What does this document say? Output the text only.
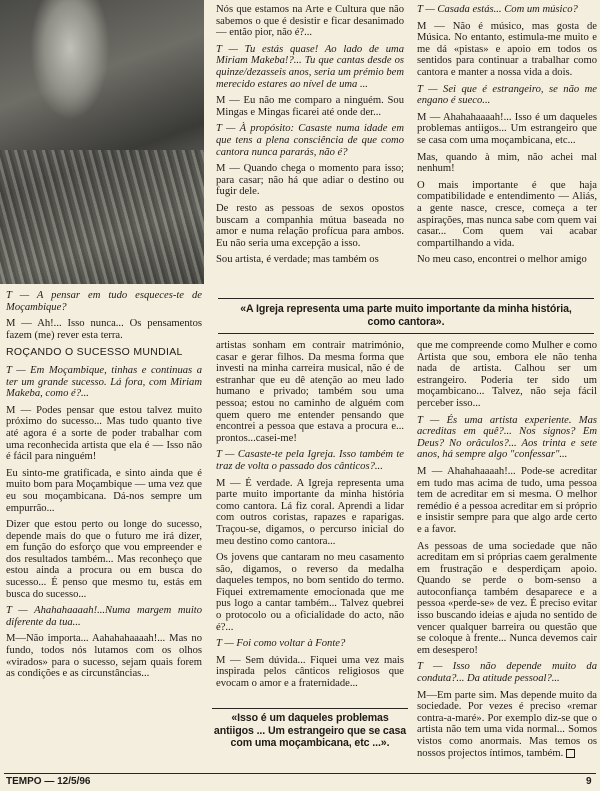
T — A pensar em tudo esqueces-te de Moçambique?

M — Ah!... Isso nunca... Os pensamentos fazem (me) rever esta terra.

ROÇANDO O SUCESSO MUNDIAL

T — Em Moçambique, tinhas e continuas a ter um grande sucesso. Lá fora, com Miriam Makeba, como é?...

M — Podes pensar que estou talvez muito próximo do sucesso... Mas tudo quanto tive até agora é a sorte de poder trabalhar com uma reconhecida artista que ela é — Isso não é fácil para ninguém!

Eu sinto-me gratificada, e sinto ainda que é muito bom para Moçambique — uma vez que eu sou moçambicana. Dá-nos sempre um empurrão...

Dizer que estou perto ou longe do sucesso, depende mais do que o futuro me irá dizer, em função do esforço que vou empreender e dos resultados também... Mas reconheço que estou ainda a procura ou em busca do sucesso... É penso que mesmo tu, estás em busca do sucesso...

T — Ahahahaaaah!...Numa margem muito diferente da tua...

M—Não importa... Aahahahaaaah!... Mas no fundo, todos nós lutamos com os olhos «virados» para o sucesso, sejam quais forem as condições e as circunstâncias...

Nós que estamos na Arte e Cultura que não sabemos o que é desistir e ficar desanimado — então pior, não é?...

T — Tu estás quase! Ao lado de uma Miriam Makeba!?... Tu que cantas desde os quinze/dezasseis anos, seria um prémio bem merecido estares ao nível de uma ...

M — Eu não me comparo a ninguém. Sou Mingas e Mingas ficarei até onde der...

T — À propósito: Casaste numa idade em que tens a plena consciência de que como cantora nunca pararás, não é?

M — Quando chega o momento para isso; para casar; não há que adiar o destino ou fugir dele.

De resto as pessoas de sexos opostos buscam a companhia mútua baseada no amor e numa relação profícua para ambos. Eu não seria uma excepção a isso.

Sou artista, é verdade; mas também os

T — Casada estás... Com um músico?

M — Não é músico, mas gosta de Música. No entanto, estimula-me muito e me dá «pistas» e apoio em todos os sentidos para continuar a trabalhar como cantora e manter a nossa vida a dois.

T — Sei que é estrangeiro, se não me engano é sueco...

M — Ahahahaaaah!... Isso é um daqueles problemas antiigos... Um estrangeiro que se casa com uma moçambicana, etc...

Mas, quando à mim, não achei mal nenhum!

O mais importante é que haja compatibilidade e entendimento — Aliás, a gente nasce, cresce, começa a ter aspirações, mas nunca sabe com quem vai casar... Com quem vai acabar compartilhando a vida.

No meu caso, encontrei o melhor amigo

«A Igreja representa uma parte muito importante da minha história, como cantora».

artistas sonham em contrair matrimónio, casar e gerar filhos. Da mesma forma que investi na minha carreira musical, não é de estranhar que eu dê atenção ao meu lado humano e privado; também sou uma pessoa; estou no caminho de alguém com quem quero me entender pensando que encontrei a pessoa que estava a procura e... prontos...casei-me!

T — Casaste-te pela Igreja. Isso também te traz de volta o passado dos cânticos?...

M — É verdade. A Igreja representa uma parte muito importante da minha história como cantora. Lá fiz coral. Aprendi a lidar com outros coristas, rapazes e raparigas. Traçou-se, digamos, o percurso inicial do meu destino como cantora...

Os jovens que cantaram no meu casamento são, digamos, o reverso da medalha daqueles tempos, no bom sentido do termo. Fiquei extremamente emocionada que me pus logo a cantar também... Talvez quebrei o protocolo ou a oficialidade do acto, não é?...

T — Foi como voltar à Fonte?

M — Sem dúvida... Fiquei uma vez mais inspirada pelos cânticos religiosos que evocam o amor e a fraternidade...

que me compreende como Mulher e como Artista que sou, embora ele não tenha nada de artista. Calhou ser um estrangeiro. Poderia ter sido um moçambicano... Talvez, não seja fácil perceber isso...

T — És uma artista experiente. Mas acreditas em quê?... Nos signos? Em Deus? No orâculos?... Aos trinta e sete anos, há sempre algo "confessar"...

M — Ahahahaaaah!... Pode-se acreditar em tudo mas acima de tudo, uma pessoa tem de acreditar em si mesma. O melhor remédio é a pessoa acreditar em si próprio e insistir sempre para que algo arde certo e a favor.

As pessoas de uma sociedade que não acreditam em si próprias caem geralmente em frustração e desperdiçam apoio. Quando se perde o bom-senso a autoconfiança também desaparece e a pessoa «perde-se» de vez. É preciso evitar isso buscando ideias e ajuda no sentido de vencer qualquer barreira ou questão que se coloque à frente... Nunca devemos cair em desespero!

T — Isso não depende muito da conduta?... Da atitude pessoal?...

M—Em parte sim. Mas depende muito da sociedade. Por vezes é preciso «remar contra-a-maré». Por exemplo diz-se que o artista não tem uma vida normal... Somos vistos como anormais. Mas temos os nossos projectos íntimos, também.

«Isso é um daqueles problemas antiigos ... Um estrangeiro que se casa com uma moçambicana, etc ...».
TEMPO — 12/5/96	9
